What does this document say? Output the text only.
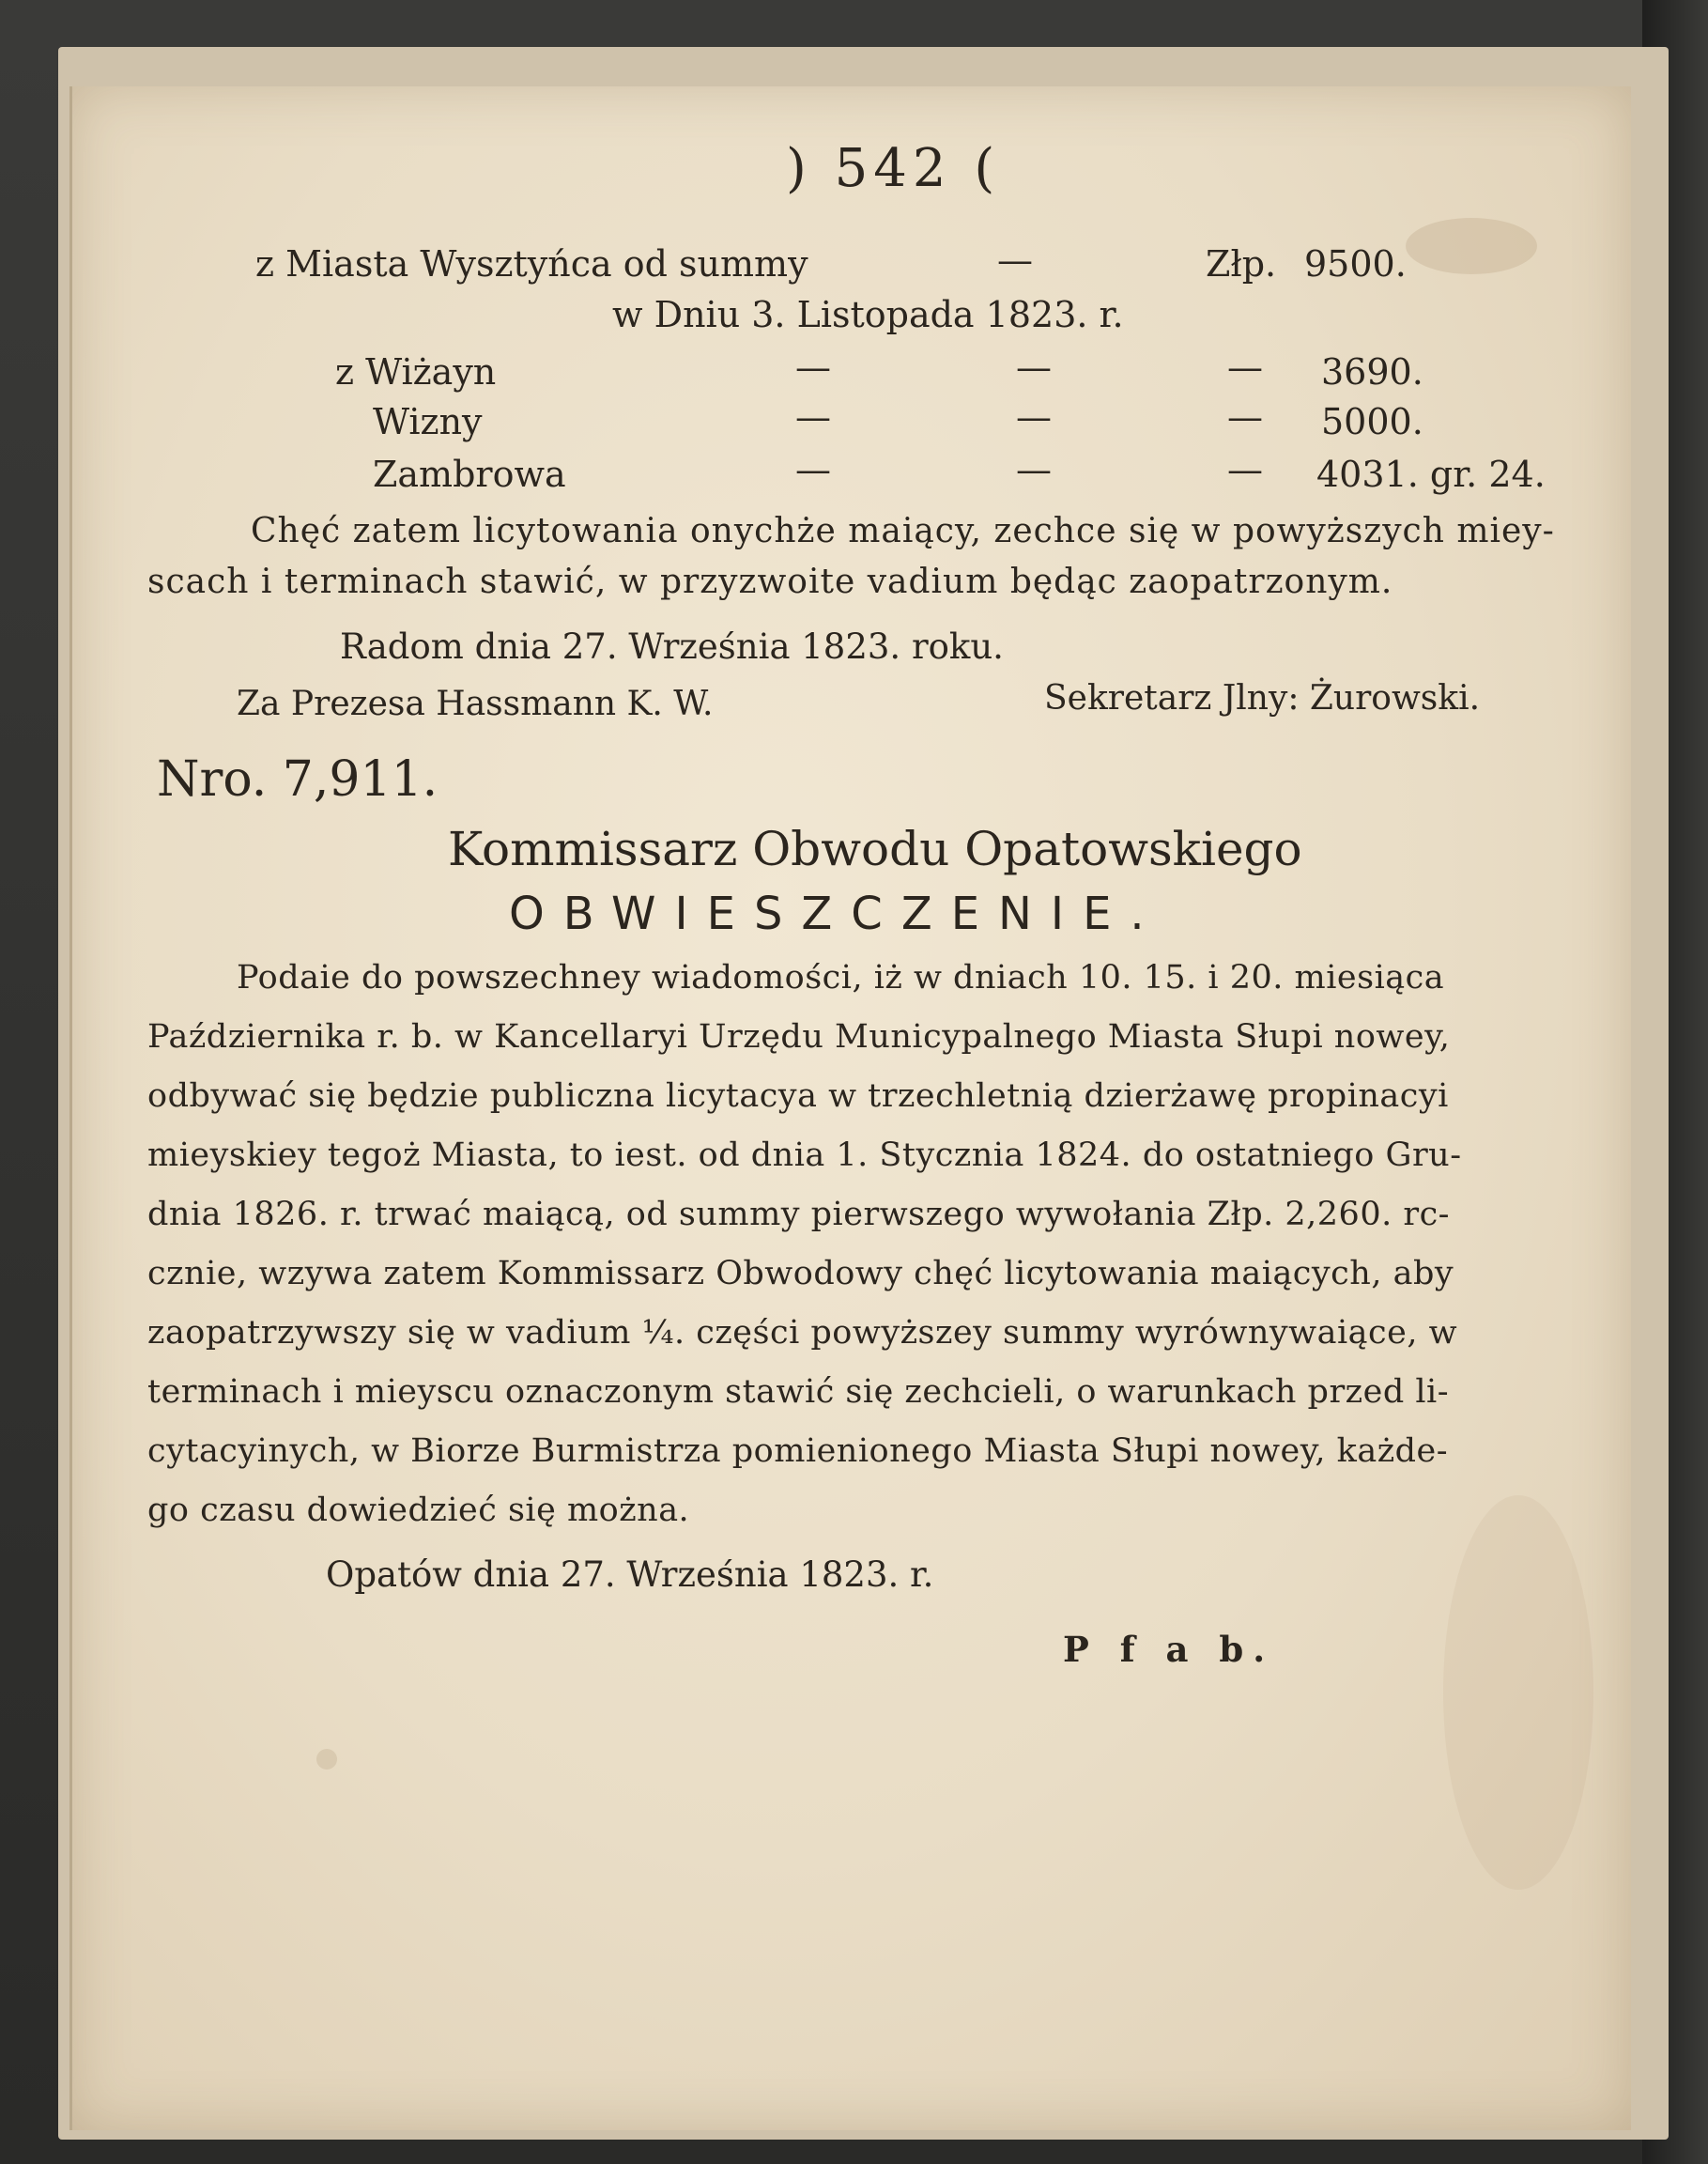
) 542 (
z Miasta Wysztyńca od summy	—	Złp. 9500.
w Dniu 3. Listopada 1823. r.
z Wiżayn	—	—	— 3690.
Wizny	—	—	— 5000.
Zambrowa	—	—	— 4031. gr. 24.
Chęć zatem licytowania onychże maiący, zechce się w powyższych miey-
scach i terminach stawić, w przyzwoite vadium będąc zaopatrzonym.
Radom dnia 27. Września 1823. roku.
Za Prezesa Hassmann K. W.	Sekretarz Jlny: Żurowski.
Nro. 7,911.
Kommissarz Obwodu Opatowskiego
OBWIESZCZENIE.
Podaie do powszechney wiadomości, iż w dniach 10. 15. i 20. miesiąca
Października r. b. w Kancellaryi Urzędu Municypalnego Miasta Słupi nowey,
odbywać się będzie publiczna licytacya w trzechletnią dzierżawę propinacyi
mieyskiey tegoż Miasta, to iest. od dnia 1. Stycznia 1824. do ostatniego Gru-
dnia 1826. r. trwać maiącą, od summy pierwszego wywołania Złp. 2,260. rc-
cznie, wzywa zatem Kommissarz Obwodowy chęć licytowania maiących, aby
zaopatrzywszy się w vadium ¼. części powyższey summy wyrównywaiące, w
terminach i mieyscu oznaczonym stawić się zechcieli, o warunkach przed li-
cytacyinych, w Biorze Burmistrza pomienionego Miasta Słupi nowey, każde-
go czasu dowiedzieć się można.
Opatów dnia 27. Września 1823. r.
P f a b.
